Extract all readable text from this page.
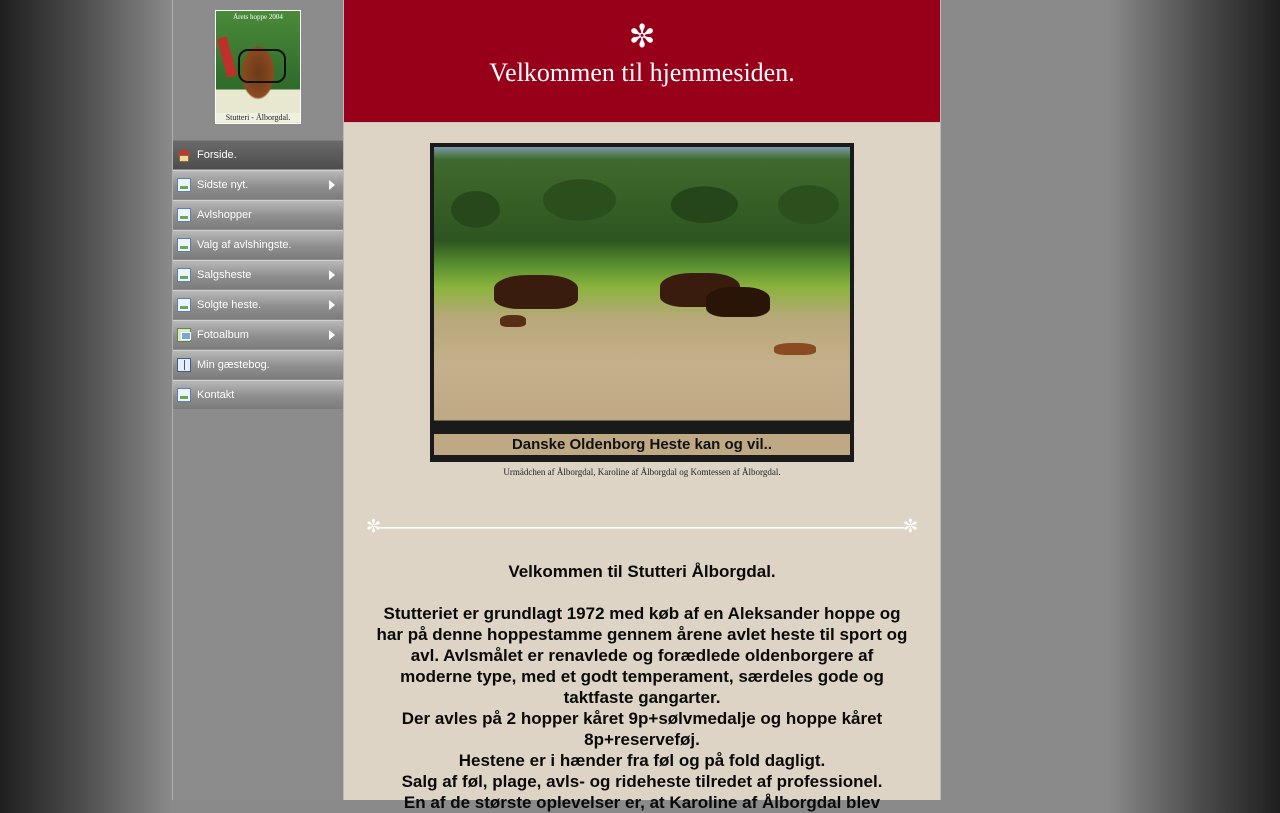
Årets hoppe 2004
Stutteri - Ålborgdal.
Forside.
Sidste nyt.
Avlshopper
Valg af avlshingste.
Salgsheste
Solgte heste.
Fotoalbum
Min gæstebog.
Kontakt
✼
Velkommen til hjemmesiden.
Danske Oldenborg Heste kan og vil..
Urmädchen af Ålborgdal, Karoline af Ålborgdal og Komtessen af Ålborgdal.
✼	✼

Velkommen til Stutteri Ålborgdal.

Stutteriet er grundlagt 1972 med køb af en Aleksander hoppe og har på denne hoppestamme gennem årene avlet heste til sport og avl. Avlsmålet er renavlede og forædlede oldenborgere af moderne type, med et godt temperament, særdeles gode og taktfaste gangarter.

Der avles på 2 hopper kåret 9p+sølvmedalje og hoppe kåret 8p+reserveføj.

Hestene er i hænder fra føl og på fold dagligt.

Salg af føl, plage, avls- og rideheste tilredet af professionel.

En af de største oplevelser er, at Karoline af Ålborgdal blev
